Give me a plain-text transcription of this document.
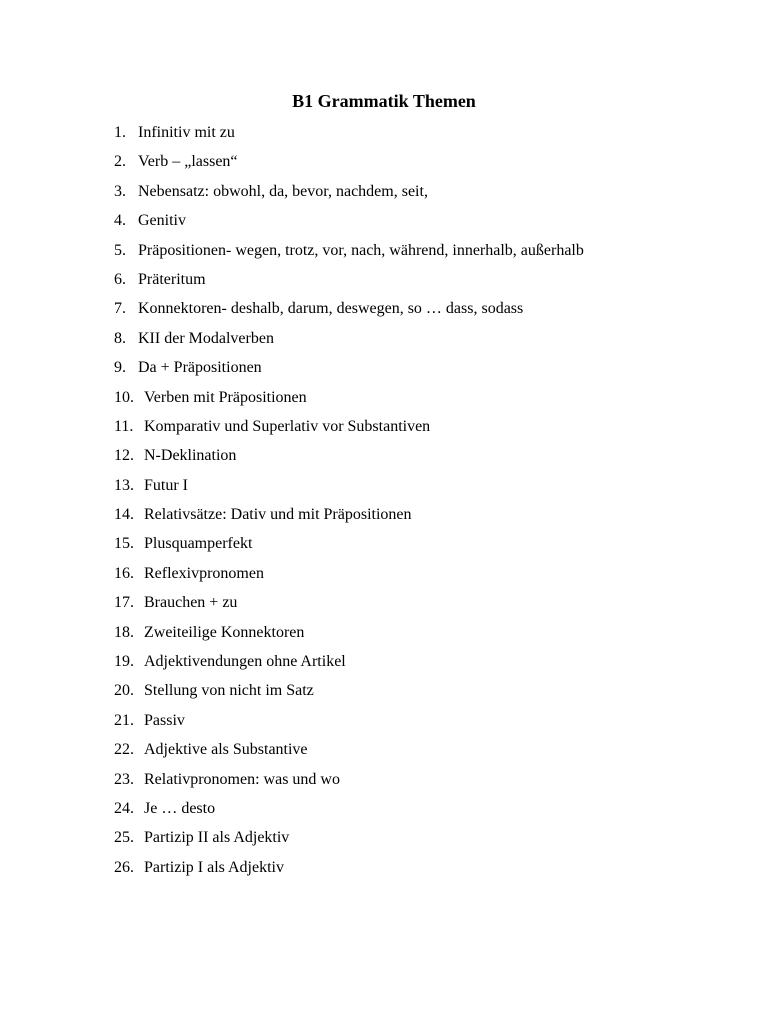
B1 Grammatik Themen
1. Infinitiv mit zu
2. Verb – „lassen“
3. Nebensatz: obwohl, da, bevor, nachdem, seit,
4. Genitiv
5. Präpositionen- wegen, trotz, vor, nach, während, innerhalb, außerhalb
6. Präteritum
7. Konnektoren- deshalb, darum, deswegen, so … dass, sodass
8. KII der Modalverben
9. Da + Präpositionen
10. Verben mit Präpositionen
11. Komparativ und Superlativ vor Substantiven
12. N-Deklination
13. Futur I
14. Relativsätze: Dativ und mit Präpositionen
15. Plusquamperfekt
16. Reflexivpronomen
17. Brauchen + zu
18. Zweiteilige Konnektoren
19. Adjektivendungen ohne Artikel
20. Stellung von nicht im Satz
21. Passiv
22. Adjektive als Substantive
23. Relativpronomen: was und wo
24. Je … desto
25. Partizip II als Adjektiv
26. Partizip I als Adjektiv
